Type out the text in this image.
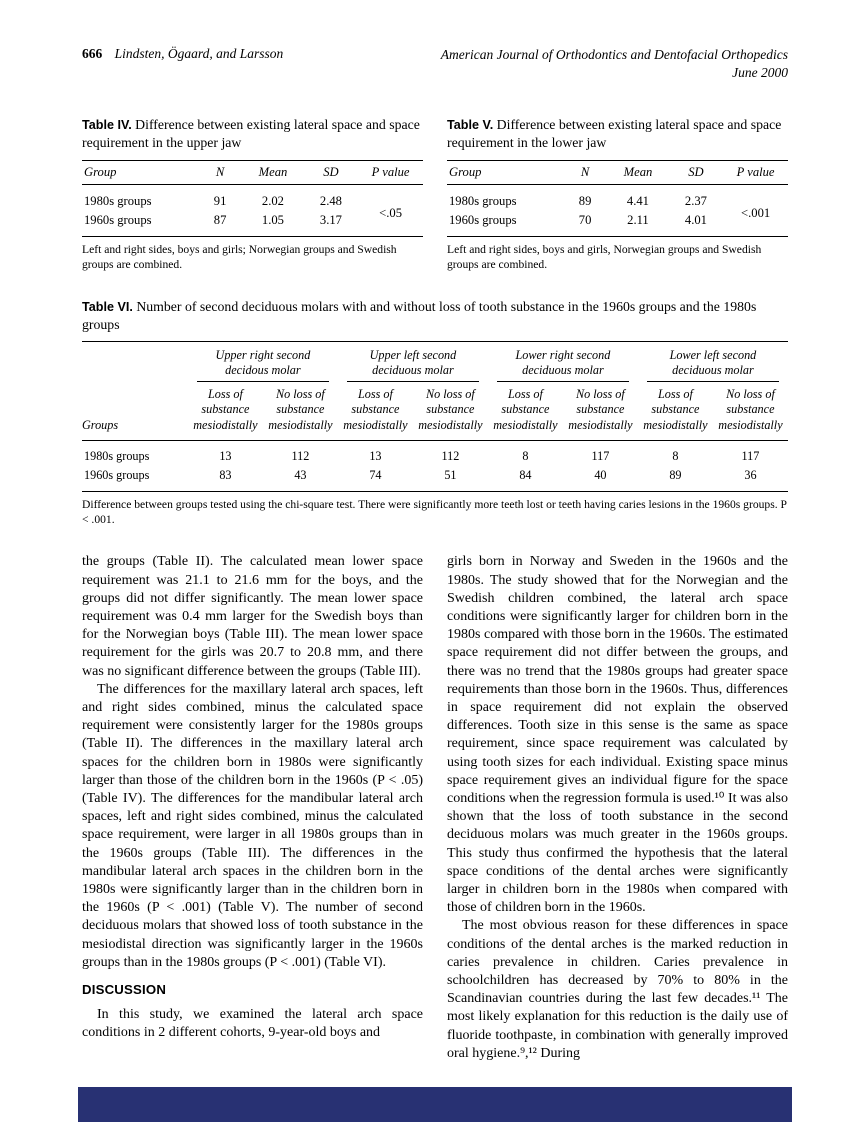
666 Lindsten, Ögaard, and Larsson	American Journal of Orthodontics and Dentofacial Orthopedics
June 2000

Table IV. Difference between existing lateral space and space requirement in the upper jaw

Group	N	Mean	SD	P value
1980s groups	91	2.02	2.48	<.05
1960s groups	87	1.05	3.17	

Left and right sides, boys and girls; Norwegian groups and Swedish groups are combined.

Table V. Difference between existing lateral space and space requirement in the lower jaw

Group	N	Mean	SD	P value
1980s groups	89	4.41	2.37	<.001
1960s groups	70	2.11	4.01	

Left and right sides, boys and girls, Norwegian groups and Swedish groups are combined.

Table VI. Number of second deciduous molars with and without loss of tooth substance in the 1960s groups and the 1980s groups

	Upper right second decidous molar		Upper left second deciduous molar		Lower right second deciduous molar		Lower left second deciduous molar	

Groups	Loss of substance mesiodistally	No loss of substance mesiodistally	Loss of substance mesiodistally	No loss of substance mesiodistally	Loss of substance mesiodistally	No loss of substance mesiodistally	Loss of substance mesiodistally	No loss of substance mesiodistally
1980s groups	13	112	13	112	8	117	8	117
1960s groups	83	43	74	51	84	40	89	36

Difference between groups tested using the chi-square test. There were significantly more teeth lost or teeth having caries lesions in the 1960s groups. P < .001.

the groups (Table II). The calculated mean lower space requirement was 21.1 to 21.6 mm for the boys, and the groups did not differ significantly. The mean lower space requirement was 0.4 mm larger for the Swedish boys than for the Norwegian boys (Table III). The mean lower space requirement for the girls was 20.7 to 20.8 mm, and there was no significant difference between the groups (Table III).

The differences for the maxillary lateral arch spaces, left and right sides combined, minus the calculated space requirement were consistently larger for the 1980s groups (Table II). The differences in the maxillary lateral arch spaces for the children born in 1980s were significantly larger than those of the children born in the 1960s (P < .05) (Table IV). The differences for the mandibular lateral arch spaces, left and right sides combined, minus the calculated space requirement, were larger in all 1980s groups than in the 1960s groups (Table III). The differences in the mandibular lateral arch spaces in the children born in the 1980s were significantly larger than in the children born in the 1960s (P < .001) (Table V). The number of second deciduous molars that showed loss of tooth substance in the mesiodistal direction was significantly larger in the 1960s groups than in the 1980s groups (P < .001) (Table VI).

DISCUSSION

In this study, we examined the lateral arch space conditions in 2 different cohorts, 9-year-old boys and

girls born in Norway and Sweden in the 1960s and the 1980s. The study showed that for the Norwegian and the Swedish children combined, the lateral arch space conditions were significantly larger for children born in the 1980s compared with those born in the 1960s. The estimated space requirement did not differ between the groups, and there was no trend that the 1980s groups had greater space requirements than those born in the 1960s. Thus, differences in space requirement did not explain the observed differences. Tooth size in this sense is the same as space requirement, since space requirement was calculated by using tooth sizes for each individual. Existing space minus space requirement gives an individual figure for the space conditions when the regression formula is used.¹⁰ It was also shown that the loss of tooth substance in the second deciduous molars was much greater in the 1960s groups. This study thus confirmed the hypothesis that the lateral space conditions of the dental arches were significantly larger in children born in the 1980s when compared with those of children born in the 1960s.

The most obvious reason for these differences in space conditions of the dental arches is the marked reduction in caries prevalence in children. Caries prevalence in schoolchildren has decreased by 70% to 80% in the Scandinavian countries during the last few decades.¹¹ The most likely explanation for this reduction is the daily use of fluoride toothpaste, in combination with generally improved oral hygiene.⁹,¹² During
